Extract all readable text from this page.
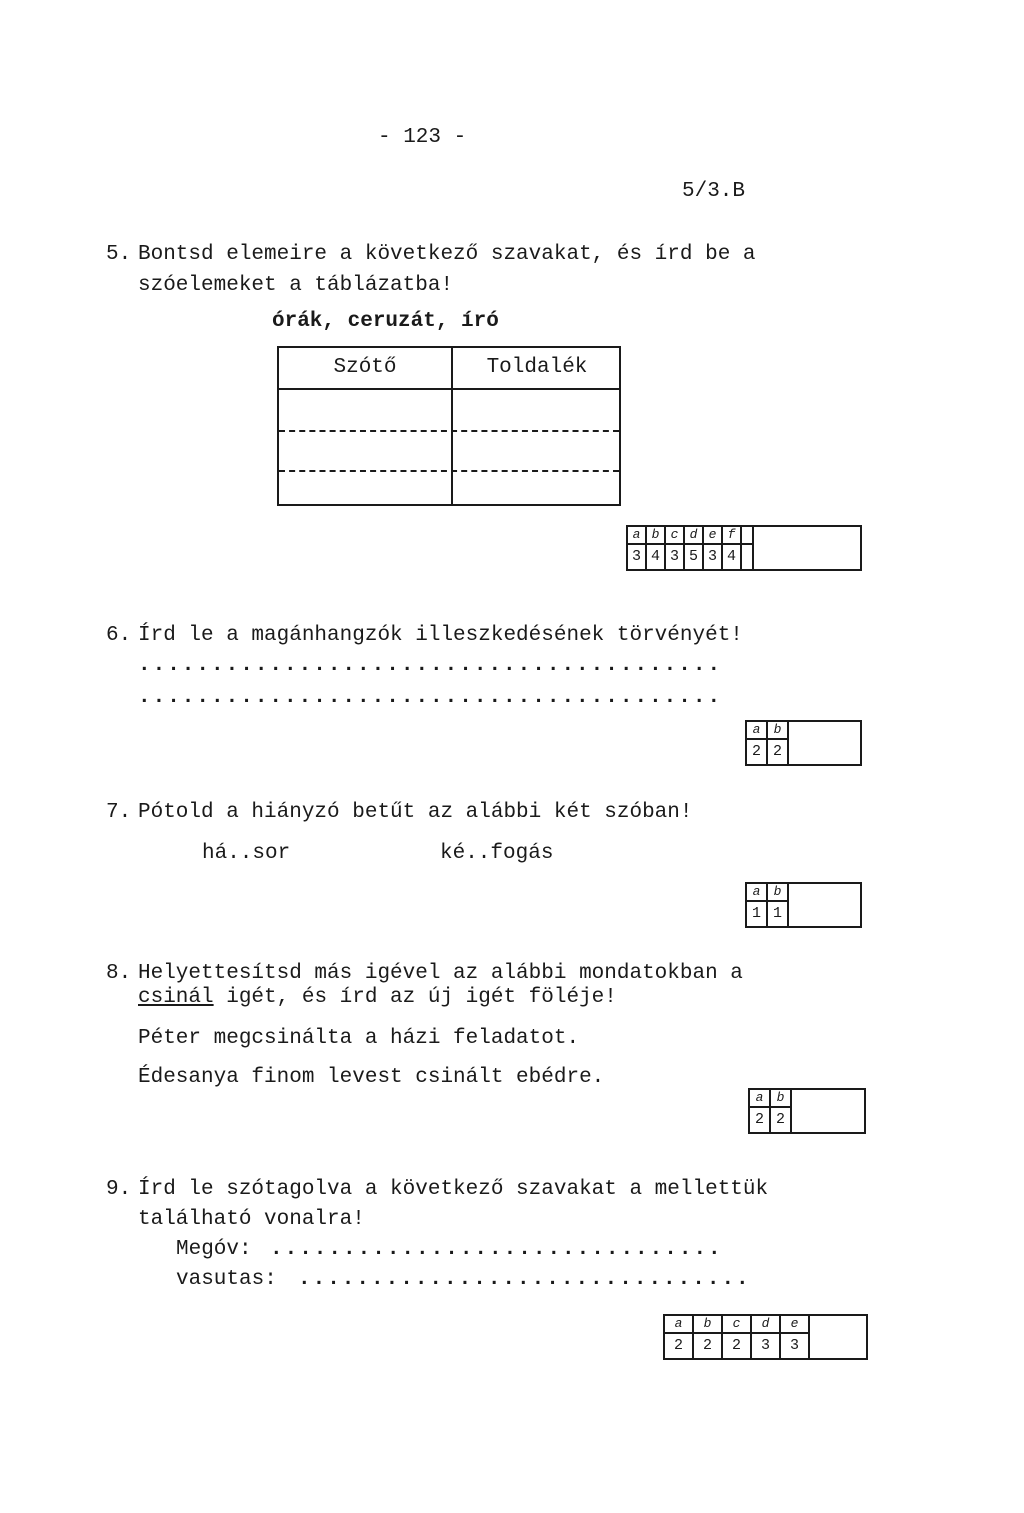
- 123 -
5/3.B
5. Bontsd elemeire a következő szavakat, és írd be a
szóelemeket a táblázatba!
órák, ceruzát, író
Szótő	Toldalék
a
3
b
4
c
3
d
5
e
3
f
4
6. Írd le a magánhangzók illeszkedésének törvényét!
........................................
........................................
a
2
b
2
7. Pótold a hiányzó betűt az alábbi két szóban!
há..sor	ké..fogás
a
1
b
1
8. Helyettesítsd más igével az alábbi mondatokban a
csinál igét, és írd az új igét föléje!
Péter megcsinálta a házi feladatot.
Édesanya finom levest csinált ebédre.
a
2
b
2
9. Írd le szótagolva a következő szavakat a mellettük
található vonalra!
Megóv: ...............................
vasutas: ...............................
a
2
b
2
c
2
d
3
e
3
